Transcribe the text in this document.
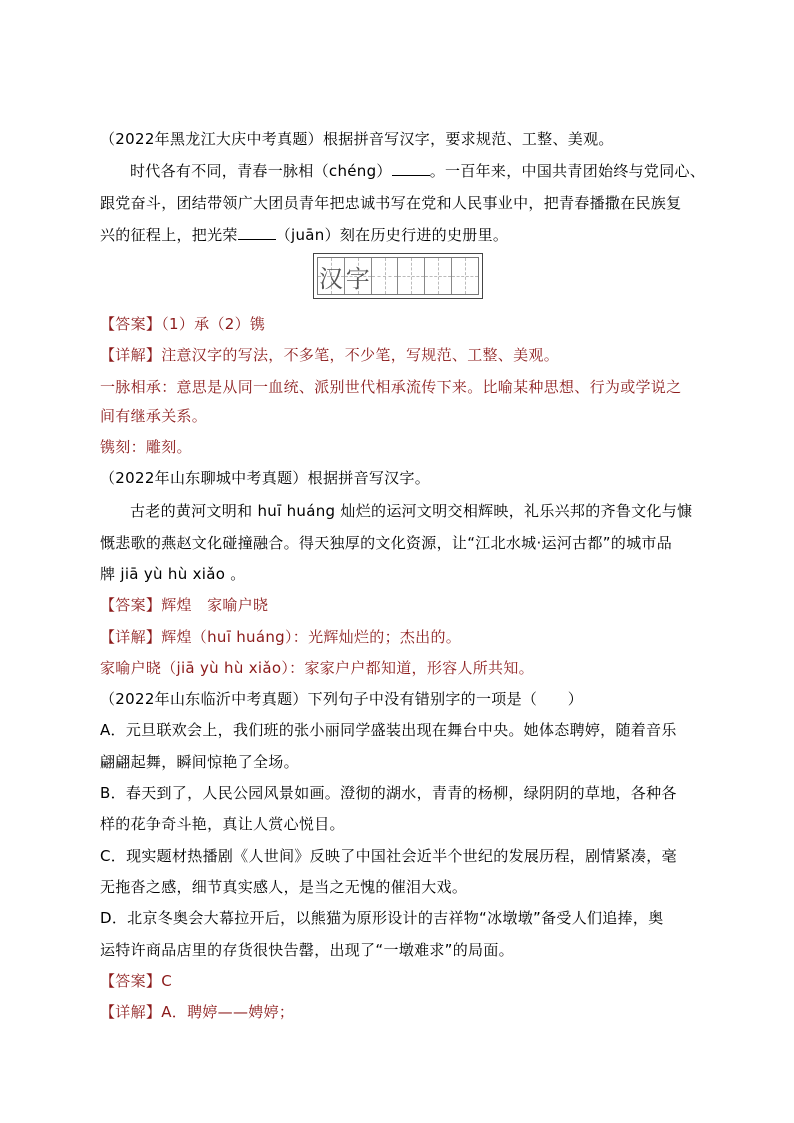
（2022年黑龙江大庆中考真题）根据拼音写汉字，要求规范、工整、美观。
时代各有不同，青春一脉相（chéng）	。一百年来，中国共青团始终与党同心、
跟党奋斗，团结带领广大团员青年把忠诚书写在党和人民事业中，把青春播撒在民族复
兴的征程上，把光荣	（juān）刻在历史行进的史册里。
汉 字
【答案】（1）承（2）镌
【详解】注意汉字的写法，不多笔，不少笔，写规范、工整、美观。
一脉相承：意思是从同一血统、派别世代相承流传下来。比喻某种思想、行为或学说之
间有继承关系。
镌刻：雕刻。
（2022年山东聊城中考真题）根据拼音写汉字。
古老的黄河文明和 huī huáng 灿烂的运河文明交相辉映，礼乐兴邦的齐鲁文化与慷
慨悲歌的燕赵文化碰撞融合。得天独厚的文化资源，让“江北水城·运河古都”的城市品
牌 jiā yù hù xiǎo 。
【答案】辉煌　家喻户晓
【详解】辉煌（huī huáng）：光辉灿烂的；杰出的。
家喻户晓（jiā yù hù xiǎo）：家家户户都知道，形容人所共知。
（2022年山东临沂中考真题）下列句子中没有错别字的一项是（　　）
A．元旦联欢会上，我们班的张小丽同学盛装出现在舞台中央。她体态聘婷，随着音乐
翩翩起舞，瞬间惊艳了全场。
B．春天到了，人民公园风景如画。澄彻的湖水，青青的杨柳，绿阴阴的草地，各种各
样的花争奇斗艳，真让人赏心悦目。
C．现实题材热播剧《人世间》反映了中国社会近半个世纪的发展历程，剧情紧凑，毫
无拖沓之感，细节真实感人，是当之无愧的催泪大戏。
D．北京冬奥会大幕拉开后，以熊猫为原形设计的吉祥物“冰墩墩”备受人们追捧，奥
运特许商品店里的存货很快告罄，出现了“一墩难求”的局面。
【答案】C
【详解】A．聘婷——娉婷；
